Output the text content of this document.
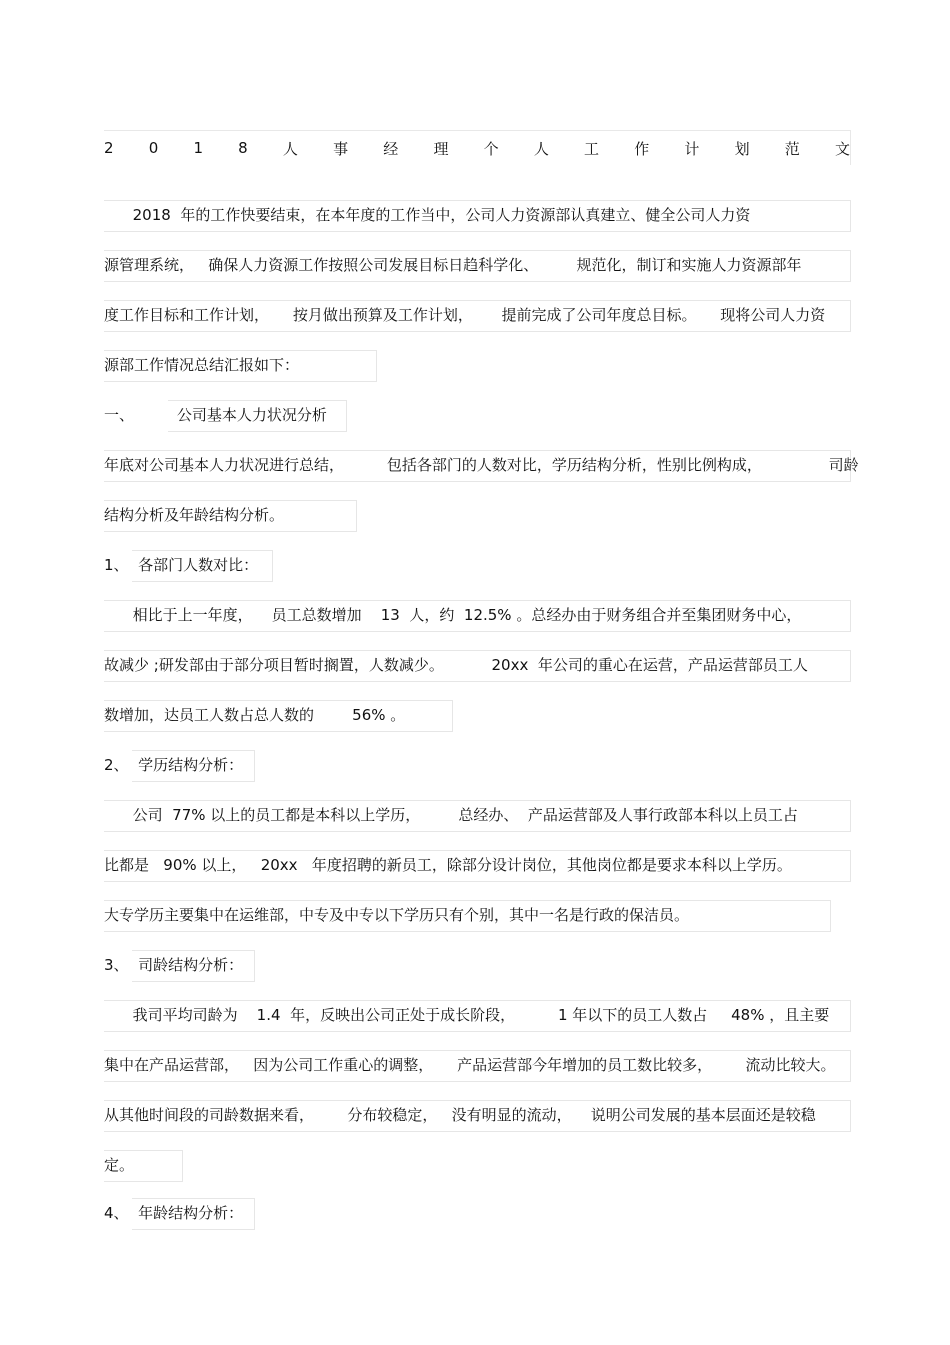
2 0 1 8 人 事 经 理 个 人 工 作 计 划 范 文
2018  年的工作快要结束，在本年度的工作当中，公司人力资源部认真建立、健全公司人力资
源管理系统，   确保人力资源工作按照公司发展目标日趋科学化、        规范化，制订和实施人力资源部年
度工作目标和工作计划，     按月做出预算及工作计划，      提前完成了公司年度总目标。     现将公司人力资
源部工作情况总结汇报如下：
一、         公司基本人力状况分析
年底对公司基本人力状况进行总结，         包括各部门的人数对比，学历结构分析，性别比例构成，              司龄
结构分析及年龄结构分析。
1、  各部门人数对比：
相比于上一年度，    员工总数增加    13  人，约  12.5% 。总经办由于财务组合并至集团财务中心，
故减少 ;研发部由于部分项目暂时搁置，人数减少。          20xx  年公司的重心在运营，产品运营部员工人
数增加，达员工人数占总人数的        56% 。
2、  学历结构分析：
公司  77% 以上的员工都是本科以上学历，        总经办、  产品运营部及人事行政部本科以上员工占
比都是   90% 以上，   20xx   年度招聘的新员工，除部分设计岗位，其他岗位都是要求本科以上学历。
大专学历主要集中在运维部，中专及中专以下学历只有个别，其中一名是行政的保洁员。
3、  司龄结构分析：
我司平均司龄为    1.4  年，反映出公司正处于成长阶段，         1 年以下的员工人数占     48% ，且主要
集中在产品运营部，   因为公司工作重心的调整，     产品运营部今年增加的员工数比较多，       流动比较大。
从其他时间段的司龄数据来看，       分布较稳定，   没有明显的流动，    说明公司发展的基本层面还是较稳
定。
4、  年龄结构分析：
